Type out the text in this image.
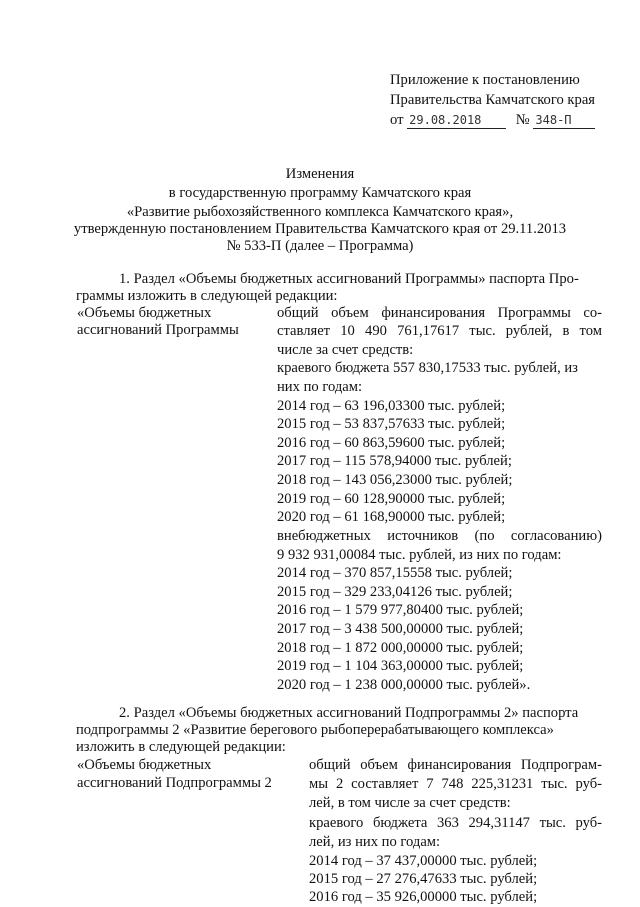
Приложение к постановлению
Правительства Камчатского края
от 29.08.2018 № 348-П
Изменения
в государственную программу Камчатского края
«Развитие рыбохозяйственного комплекса Камчатского края»,
утвержденную постановлением Правительства Камчатского края от 29.11.2013
№ 533-П (далее – Программа)
1. Раздел «Объемы бюджетных ассигнований Программы» паспорта Про-
граммы изложить в следующей редакции:
«Объемы бюджетных
ассигнований Программы
общий объем финансирования Программы со-
ставляет 10 490 761,17617 тыс. рублей, в том
числе за счет средств:
краевого бюджета 557 830,17533 тыс. рублей, из
них по годам:
2014 год – 63 196,03300 тыс. рублей;
2015 год – 53 837,57633 тыс. рублей;
2016 год – 60 863,59600 тыс. рублей;
2017 год – 115 578,94000 тыс. рублей;
2018 год – 143 056,23000 тыс. рублей;
2019 год – 60 128,90000 тыс. рублей;
2020 год – 61 168,90000 тыс. рублей;
внебюджетных источников (по согласованию)
9 932 931,00084 тыс. рублей, из них по годам:
2014 год – 370 857,15558 тыс. рублей;
2015 год – 329 233,04126 тыс. рублей;
2016 год – 1 579 977,80400 тыс. рублей;
2017 год – 3 438 500,00000 тыс. рублей;
2018 год – 1 872 000,00000 тыс. рублей;
2019 год – 1 104 363,00000 тыс. рублей;
2020 год – 1 238 000,00000 тыс. рублей».
2. Раздел «Объемы бюджетных ассигнований Подпрограммы 2» паспорта
подпрограммы 2 «Развитие берегового рыбоперерабатывающего комплекса»
изложить в следующей редакции:
«Объемы бюджетных
ассигнований Подпрограммы 2
общий объем финансирования Подпрограм-
мы 2 составляет 7 748 225,31231 тыс. руб-
лей, в том числе за счет средств:
краевого бюджета 363 294,31147 тыс. руб-
лей, из них по годам:
2014 год – 37 437,00000 тыс. рублей;
2015 год – 27 276,47633 тыс. рублей;
2016 год – 35 926,00000 тыс. рублей;
